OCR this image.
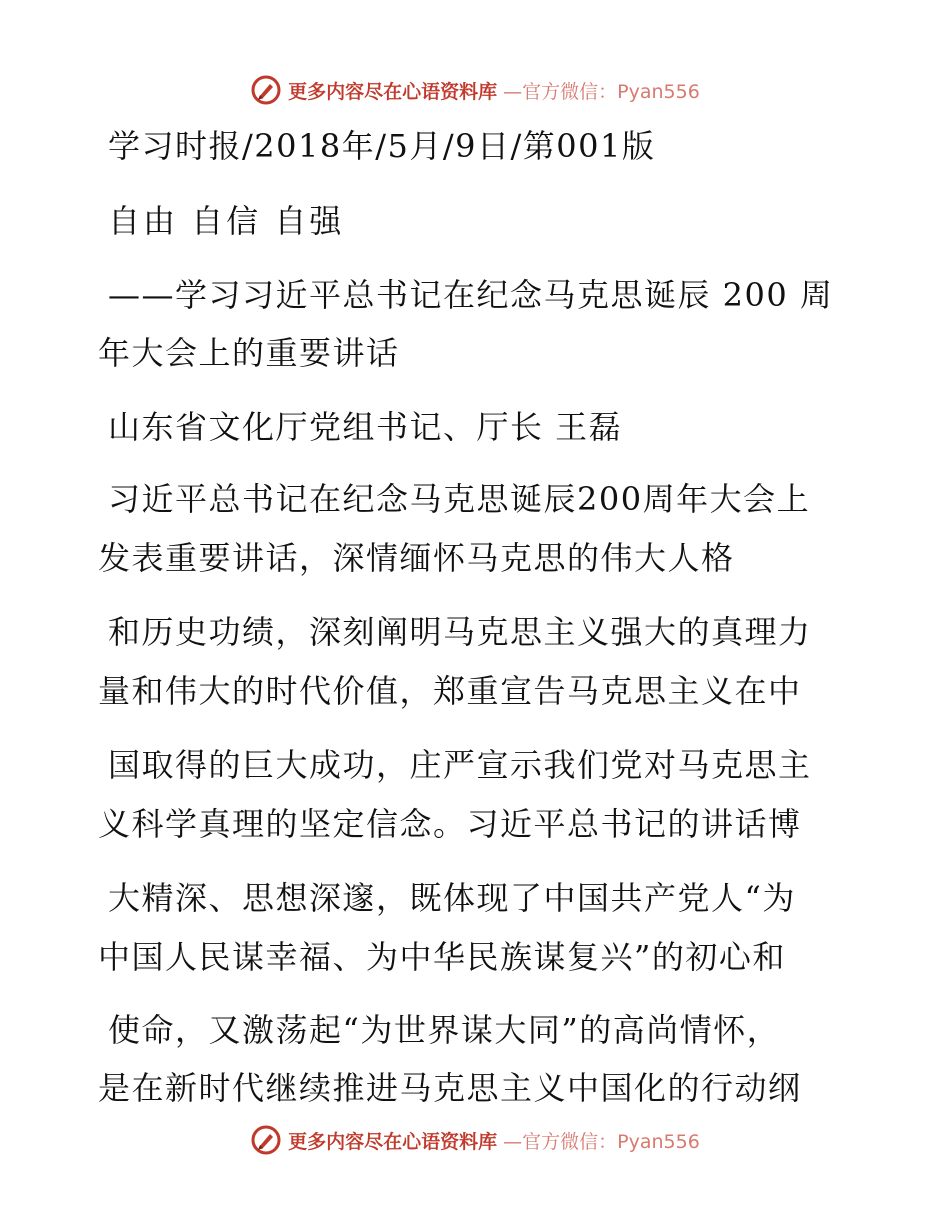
更多内容尽在心语资料库 —官方微信：Pyan556
学习时报/2018年/5月/9日/第001版
自由 自信 自强
——学习习近平总书记在纪念马克思诞辰 200 周
年大会上的重要讲话
山东省文化厅党组书记、厅长 王磊
习近平总书记在纪念马克思诞辰200周年大会上
发表重要讲话，深情缅怀马克思的伟大人格
和历史功绩，深刻阐明马克思主义强大的真理力
量和伟大的时代价值，郑重宣告马克思主义在中
国取得的巨大成功，庄严宣示我们党对马克思主
义科学真理的坚定信念。习近平总书记的讲话博
大精深、思想深邃，既体现了中国共产党人“为
中国人民谋幸福、为中华民族谋复兴”的初心和
使命，又激荡起“为世界谋大同”的高尚情怀，
是在新时代继续推进马克思主义中国化的行动纲
更多内容尽在心语资料库 —官方微信：Pyan556
